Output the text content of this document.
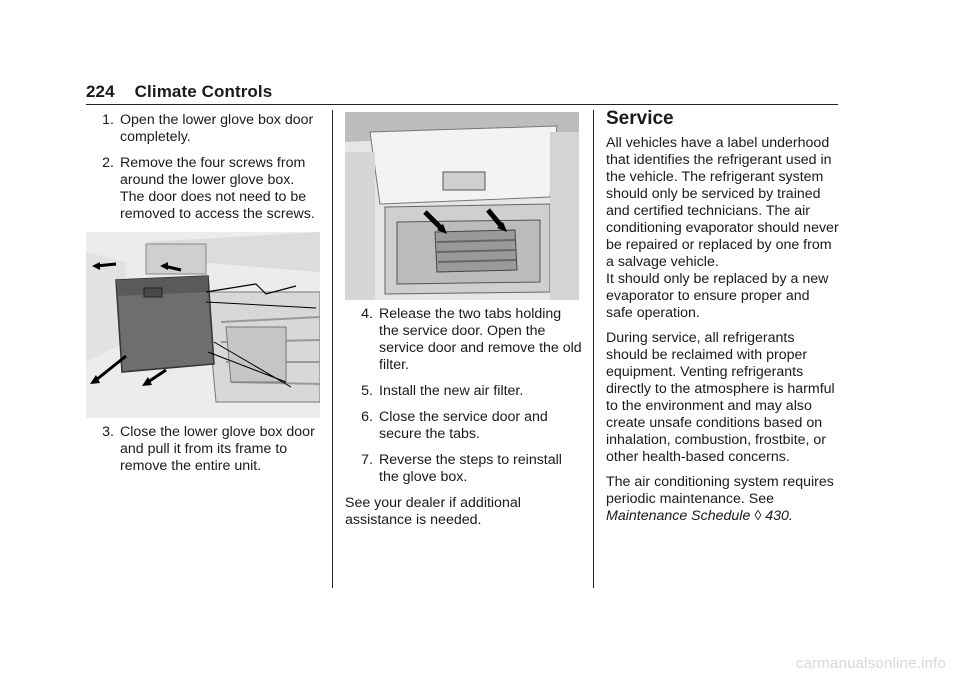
224 Climate Controls
1. Open the lower glove box door completely.
2. Remove the four screws from around the lower glove box. The door does not need to be removed to access the screws.
3. Close the lower glove box door and pull it from its frame to remove the entire unit.
4. Release the two tabs holding the service door. Open the service door and remove the old filter.
5. Install the new air filter.
6. Close the service door and secure the tabs.
7. Reverse the steps to reinstall the glove box.

See your dealer if additional assistance is needed.

Service

All vehicles have a label underhood that identifies the refrigerant used in the vehicle. The refrigerant system should only be serviced by trained and certified technicians. The air conditioning evaporator should never be repaired or replaced by one from a salvage vehicle.

It should only be replaced by a new evaporator to ensure proper and safe operation.

During service, all refrigerants should be reclaimed with proper equipment. Venting refrigerants directly to the atmosphere is harmful to the environment and may also create unsafe conditions based on inhalation, combustion, frostbite, or other health-based concerns.

The air conditioning system requires periodic maintenance. See Maintenance Schedule ◊ 430.

carmanualsonline.info
